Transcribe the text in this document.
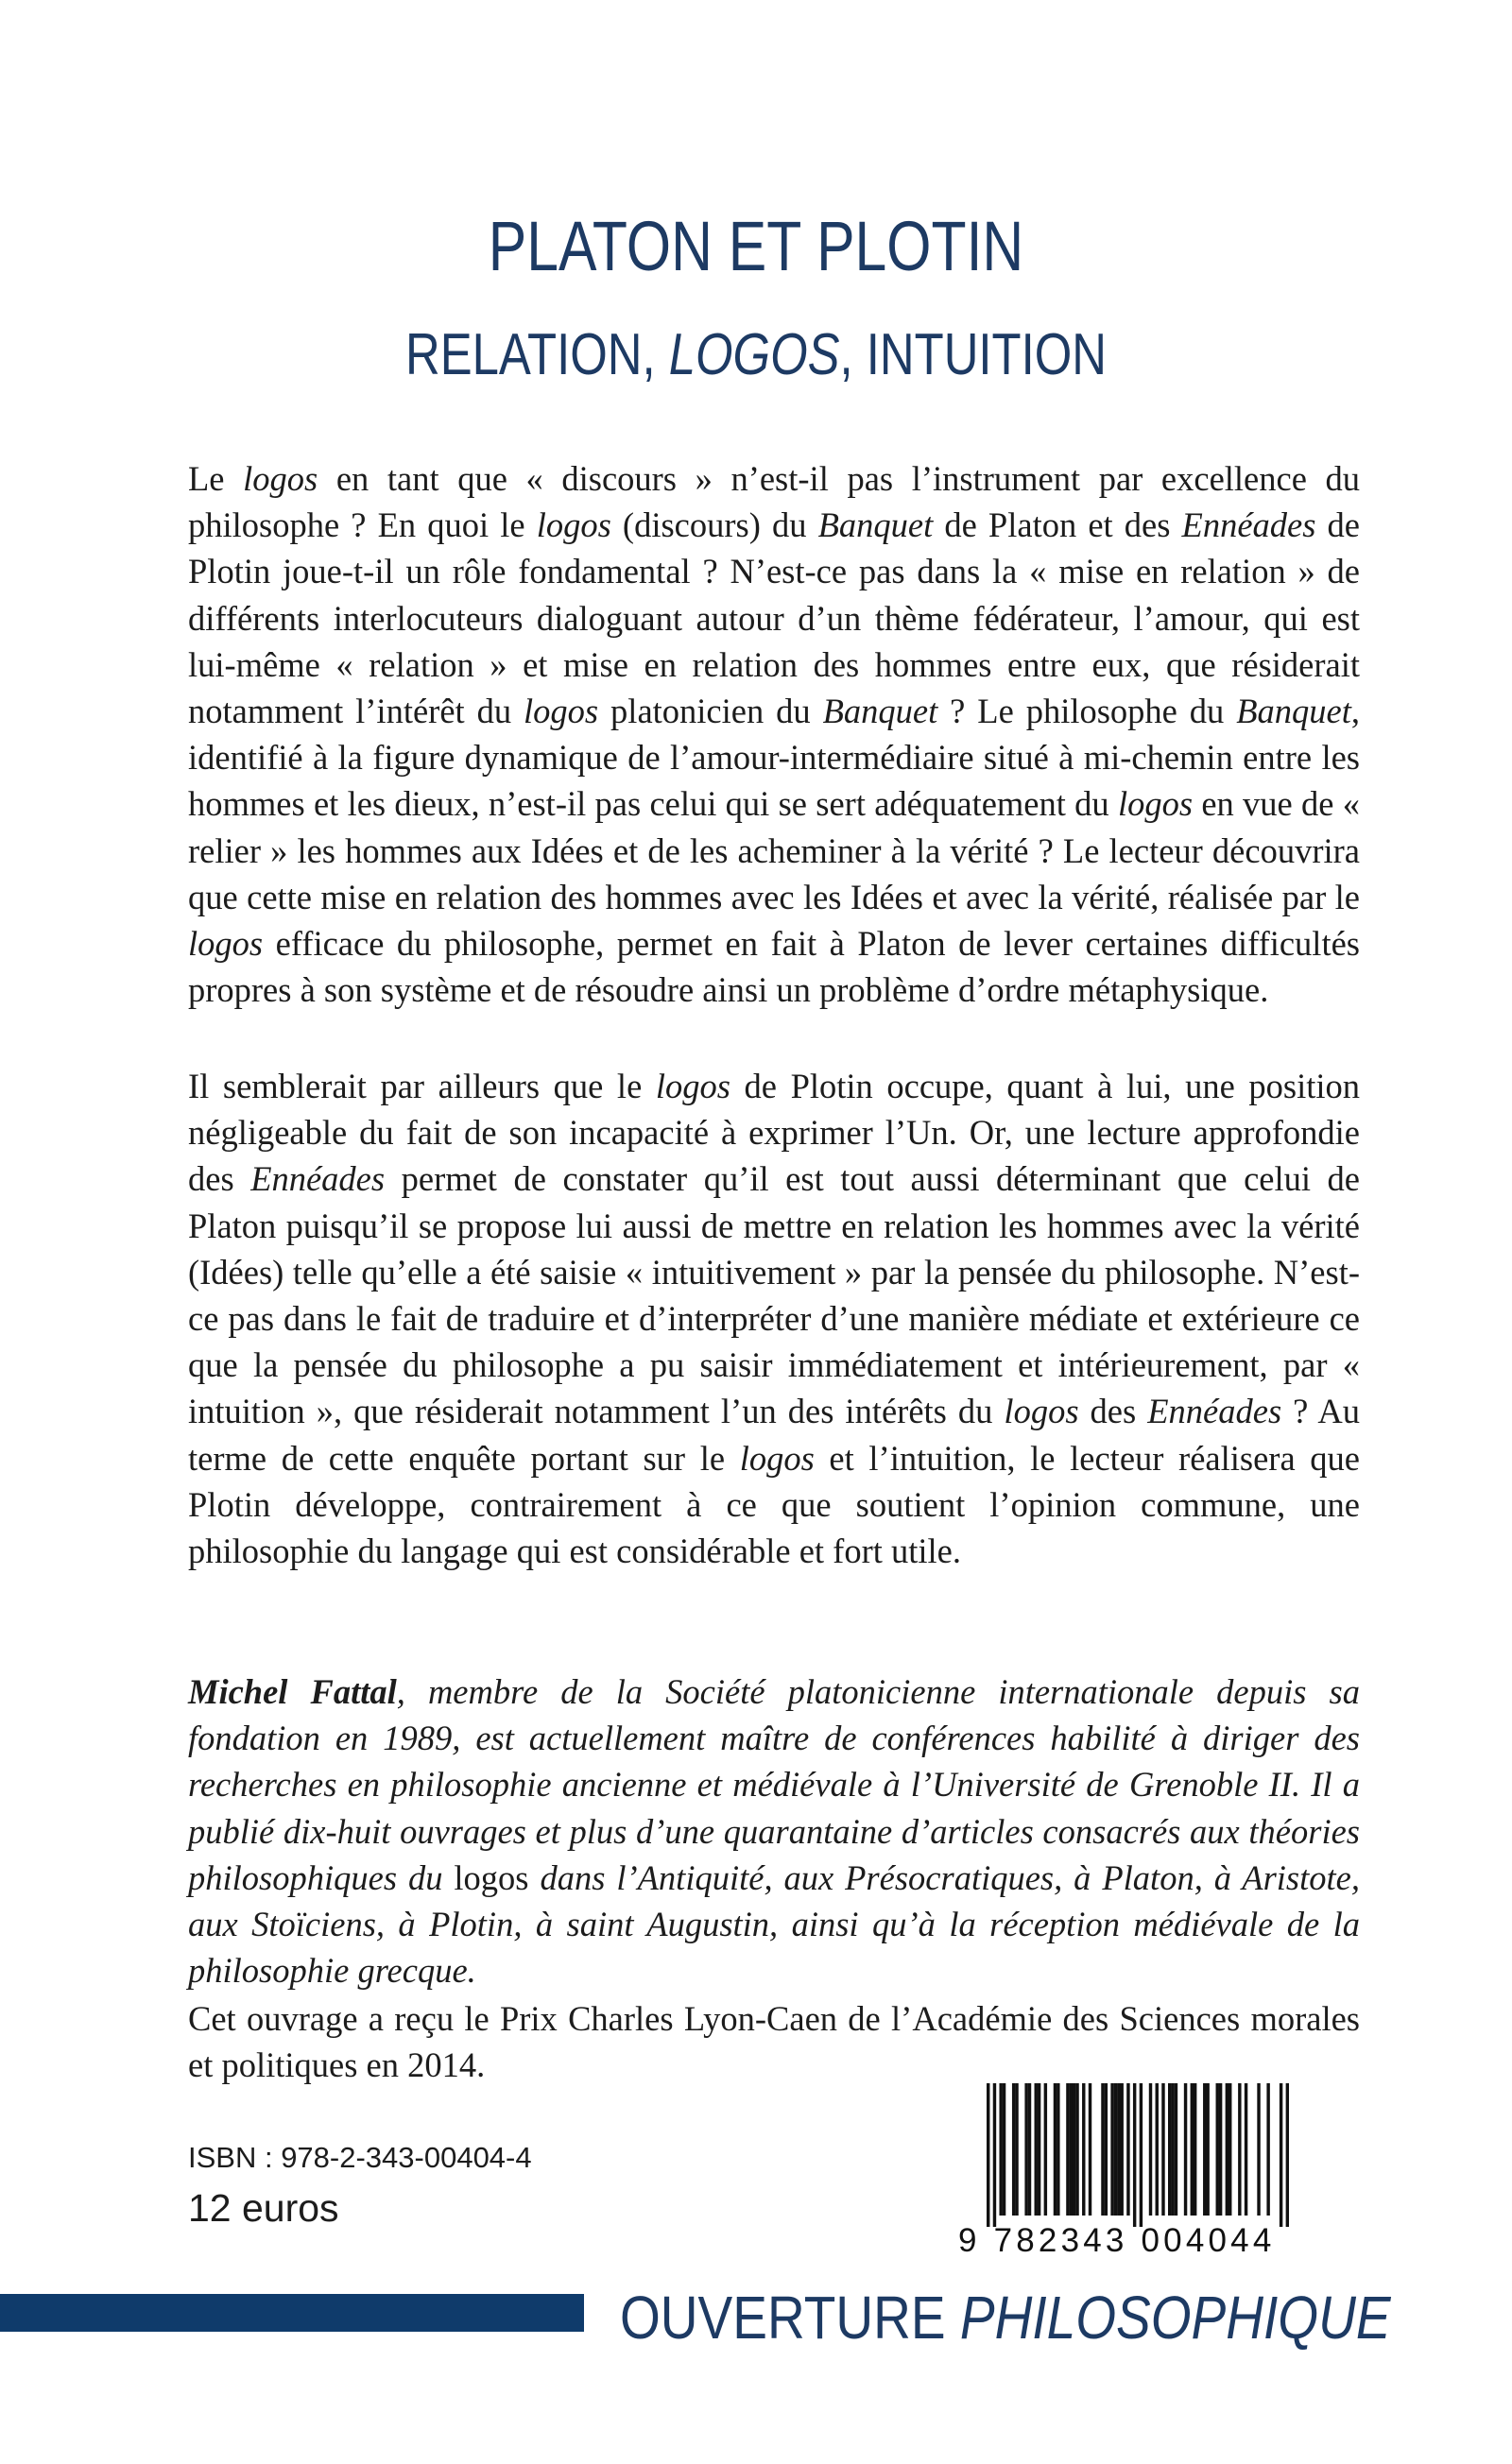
PLATON ET PLOTIN
RELATION, LOGOS, INTUITION

Le logos en tant que « discours » n’est-il pas l’instrument par excellence du philosophe ? En quoi le logos (discours) du Banquet de Platon et des Ennéades de Plotin joue-t-il un rôle fondamental ? N’est-ce pas dans la « mise en relation » de différents interlocuteurs dialoguant autour d’un thème fédérateur, l’amour, qui est lui-même « relation » et mise en relation des hommes entre eux, que résiderait notamment l’intérêt du logos platonicien du Banquet ? Le philosophe du Banquet, identifié à la figure dynamique de l’amour-intermédiaire situé à mi-chemin entre les hommes et les dieux, n’est-il pas celui qui se sert adéquatement du logos en vue de « relier » les hommes aux Idées et de les acheminer à la vérité ? Le lecteur découvrira que cette mise en relation des hommes avec les Idées et avec la vérité, réalisée par le logos efficace du philosophe, permet en fait à Platon de lever certaines difficultés propres à son système et de résoudre ainsi un problème d’ordre métaphysique.

Il semblerait par ailleurs que le logos de Plotin occupe, quant à lui, une position négligeable du fait de son incapacité à exprimer l’Un. Or, une lecture approfondie des Ennéades permet de constater qu’il est tout aussi déterminant que celui de Platon puisqu’il se propose lui aussi de mettre en relation les hommes avec la vérité (Idées) telle qu’elle a été saisie « intuitivement » par la pensée du philosophe. N’est-ce pas dans le fait de traduire et d’interpréter d’une manière médiate et extérieure ce que la pensée du philosophe a pu saisir immédiatement et intérieurement, par « intuition », que résiderait notamment l’un des intérêts du logos des Ennéades ? Au terme de cette enquête portant sur le logos et l’intuition, le lecteur réalisera que Plotin développe, contrairement à ce que soutient l’opinion commune, une philosophie du langage qui est considérable et fort utile.

Michel Fattal, membre de la Société platonicienne internationale depuis sa fondation en 1989, est actuellement maître de conférences habilité à diriger des recherches en philosophie ancienne et médiévale à l’Université de Grenoble II. Il a publié dix-huit ouvrages et plus d’une quarantaine d’articles consacrés aux théories philosophiques du logos dans l’Antiquité, aux Présocratiques, à Platon, à Aristote, aux Stoïciens, à Plotin, à saint Augustin, ainsi qu’à la réception médiévale de la philosophie grecque.

Cet ouvrage a reçu le Prix Charles Lyon-Caen de l’Académie des Sciences morales et politiques en 2014.

ISBN : 978-2-343-00404-4
12 euros
9 782343 004044
OUVERTURE PHILOSOPHIQUE
